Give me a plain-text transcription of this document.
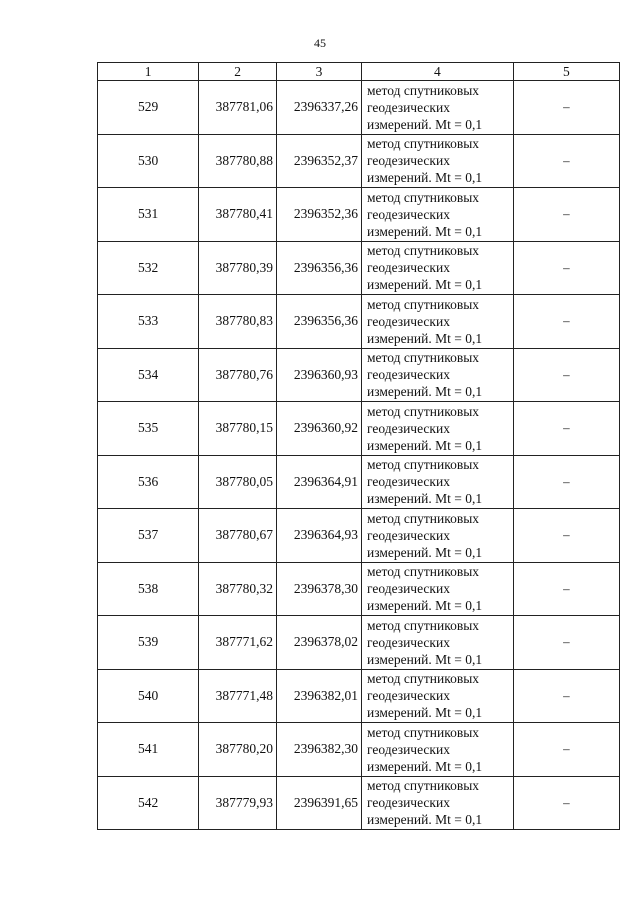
45
1	2	3	4	5
529	387781,06	2396337,26	метод спутниковых геодезических измерений. Mt = 0,1	–
530	387780,88	2396352,37	метод спутниковых геодезических измерений. Mt = 0,1	–
531	387780,41	2396352,36	метод спутниковых геодезических измерений. Mt = 0,1	–
532	387780,39	2396356,36	метод спутниковых геодезических измерений. Mt = 0,1	–
533	387780,83	2396356,36	метод спутниковых геодезических измерений. Mt = 0,1	–
534	387780,76	2396360,93	метод спутниковых геодезических измерений. Mt = 0,1	–
535	387780,15	2396360,92	метод спутниковых геодезических измерений. Mt = 0,1	–
536	387780,05	2396364,91	метод спутниковых геодезических измерений. Mt = 0,1	–
537	387780,67	2396364,93	метод спутниковых геодезических измерений. Mt = 0,1	–
538	387780,32	2396378,30	метод спутниковых геодезических измерений. Mt = 0,1	–
539	387771,62	2396378,02	метод спутниковых геодезических измерений. Mt = 0,1	–
540	387771,48	2396382,01	метод спутниковых геодезических измерений. Mt = 0,1	–
541	387780,20	2396382,30	метод спутниковых геодезических измерений. Mt = 0,1	–
542	387779,93	2396391,65	метод спутниковых геодезических измерений. Mt = 0,1	–
